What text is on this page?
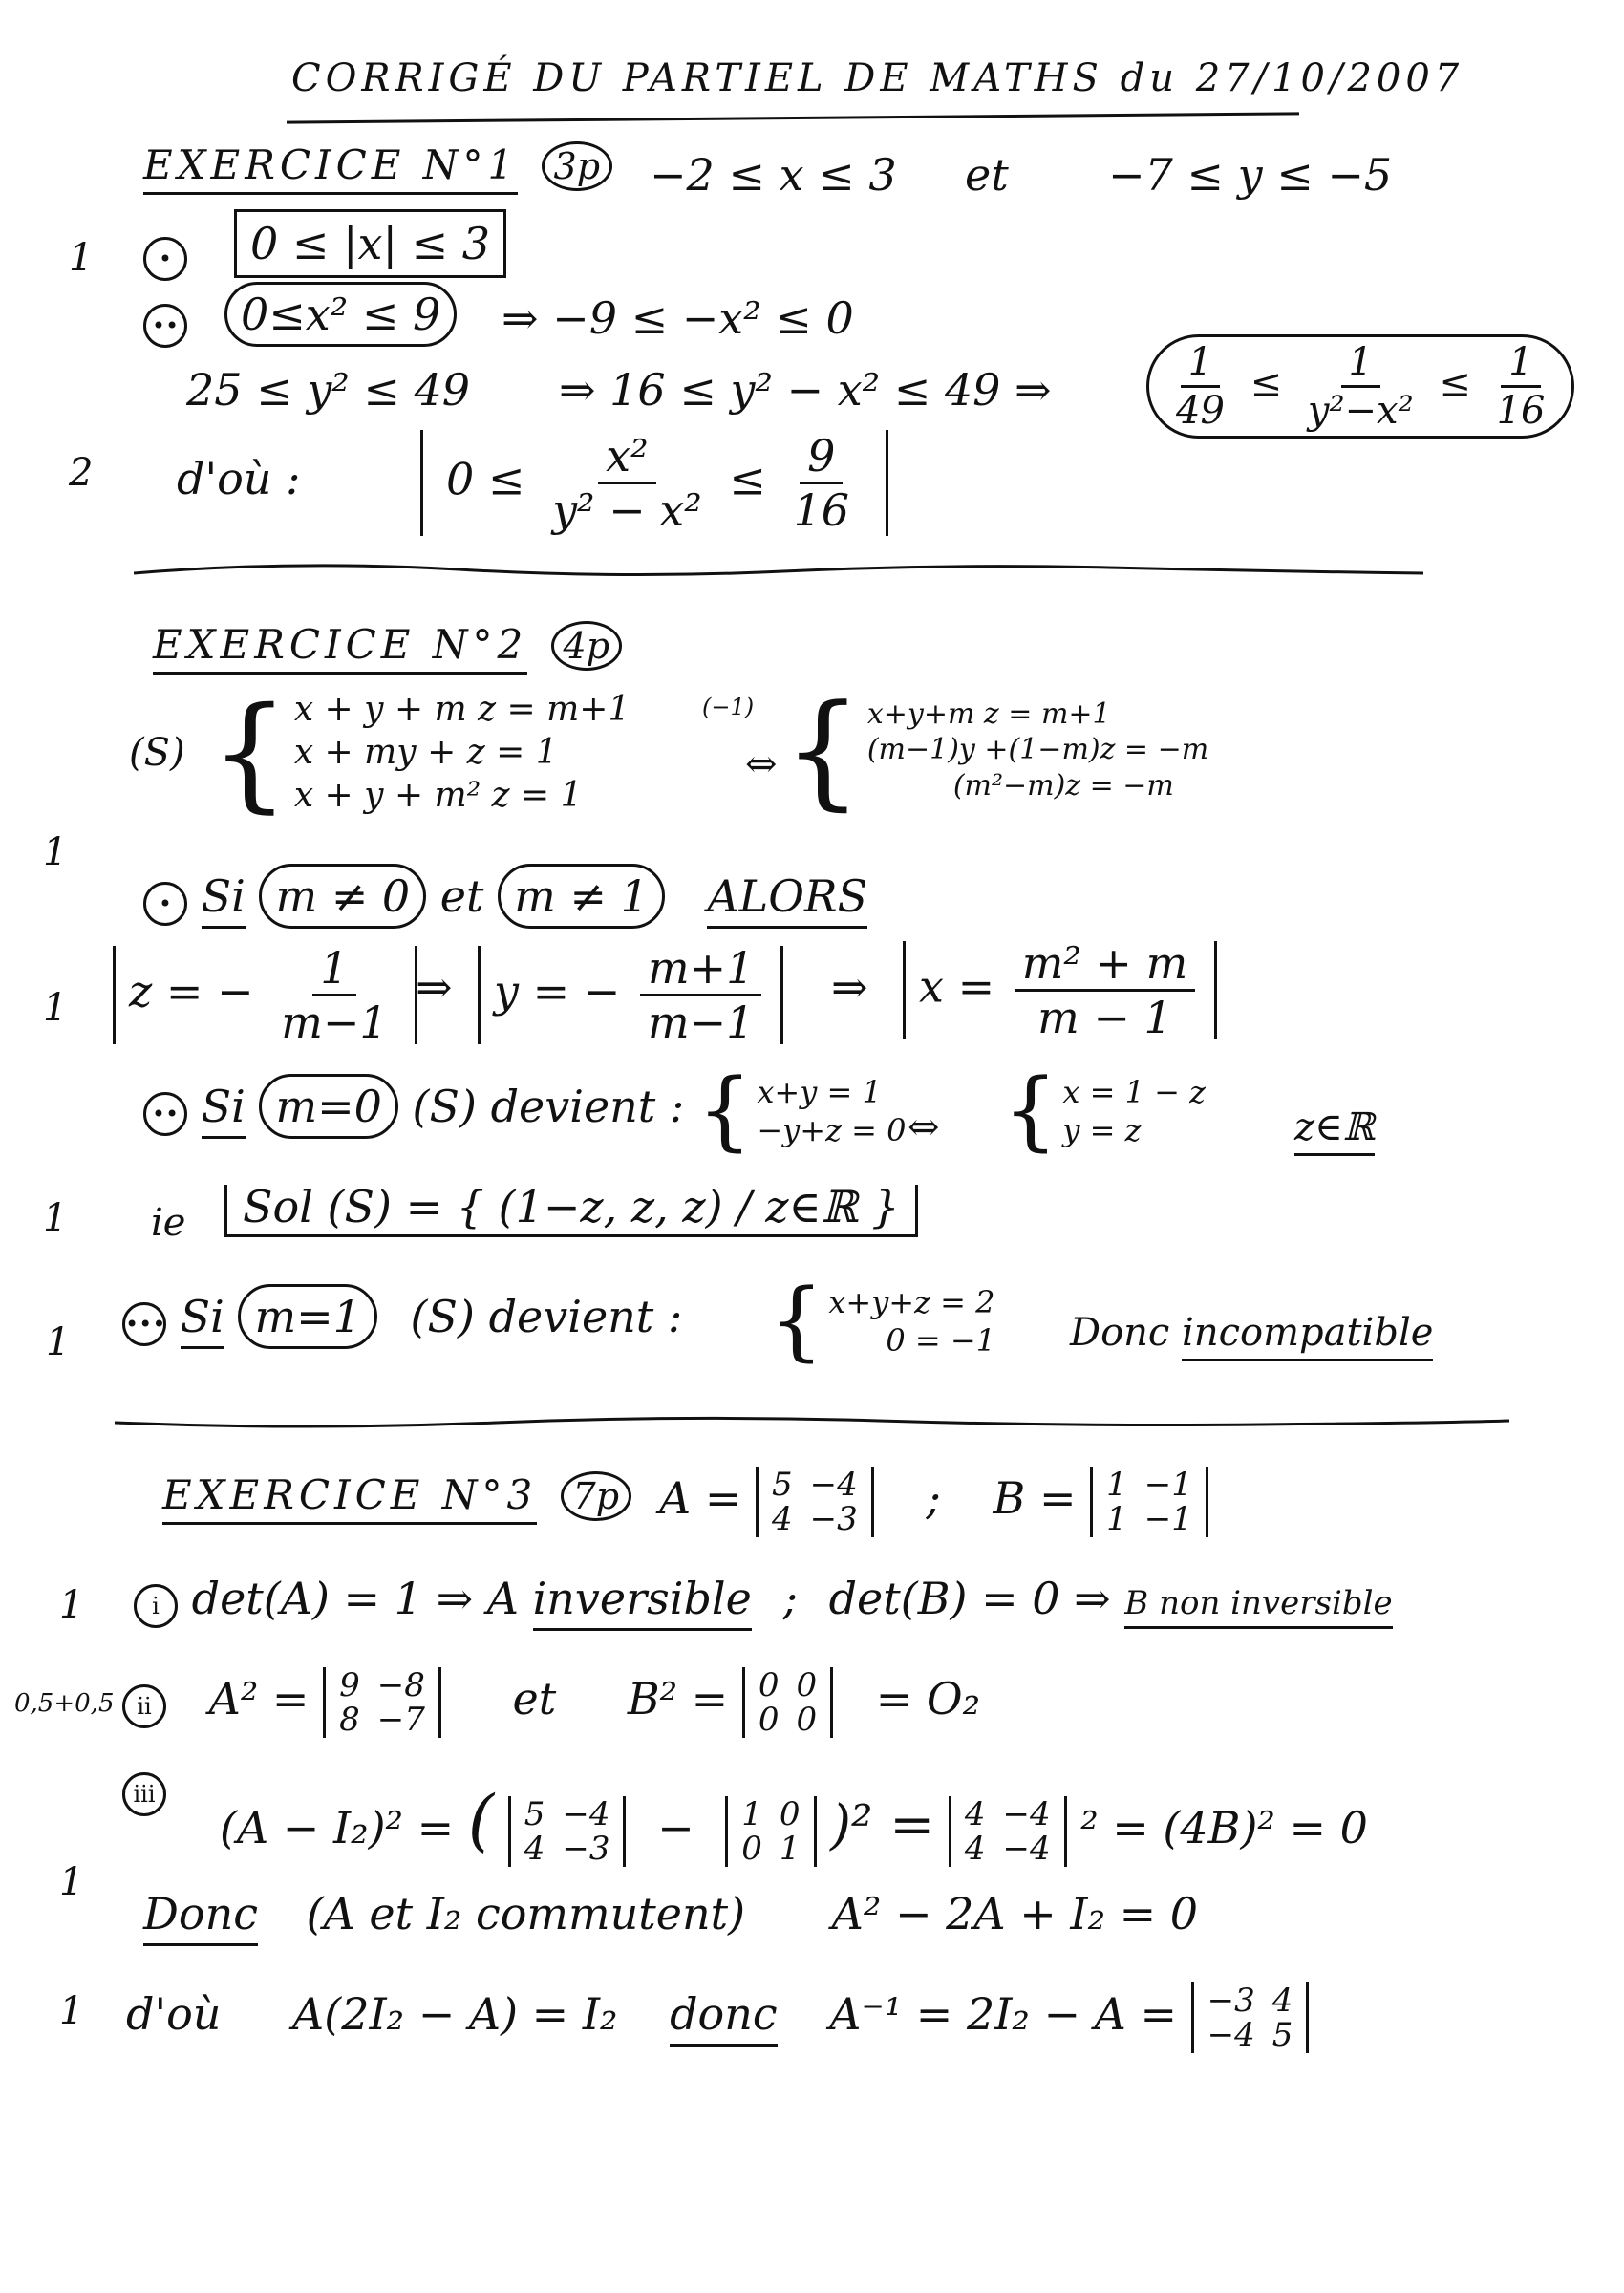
CORRIGÉ DU PARTIEL DE MATHS du 27/10/2007
EXERCICE N°1 3p −2 ≤ x ≤ 3 et −7 ≤ y ≤ −5
1	•	0 ≤ |x| ≤ 3
••	0≤x² ≤ 9	⇒ −9 ≤ −x² ≤ 0
25 ≤ y² ≤ 49 ⇒ 16 ≤ y² − x² ≤ 49 ⇒	$\frac{1}{49} \le \frac{1}{\text{y²−x²}} \le \frac{1}{16}$
2 d'où :	$0 \le \frac{\text{x²}}{\text{y² − x²}} \le \frac{9}{16}$
EXERCICE N°2 4p
(S) { x + y + m z = m+1
x + my + z = 1
x + y + m² z = 1
(−1)
⇔ { x+y+m z = m+1
(m−1)y +(1−m)z = −m
(m²−m)z = −m
1
• Si m ≠ 0 et m ≠ 1 ALORS
1	z = − $\frac{1}{m-1}$ ⇒ y = − $\frac{m+1}{m-1}$ ⇒	$x = \frac{\text{m² + m}}{m - 1}$
•• Si m=0 (S) devient : { x+y = 1
−y+z = 0 ⇔ { x = 1 − z
y = z	z∈ℝ
1 ie	Sol (S) = { (1−z, z, z) / z∈ℝ }
1 ••• Si m=1 (S) devient : { x+y+z = 2
0 = −1 Donc incompatible
EXERCICE N°3 7p A = 5 −4
4 −3 ; B = 1 −1
1 −1
1	i det(A) = 1 ⇒ A inversible ; det(B) = 0 ⇒ B non inversible
0,5+0,5 ii A² = 9 −8
8 −7 et B² = 0 0
0 0 = O₂
1
iii
(A − I₂)² = ( 5 −4
4 −3 − 1 0
0 1 )² = 4 −4
4 −4 ² = (4B)² = 0
Donc (A et I₂ commutent) A² − 2A + I₂ = 0
1 d'où A(2I₂ − A) = I₂ donc A⁻¹ = 2I₂ − A = −3 4
−4 5
